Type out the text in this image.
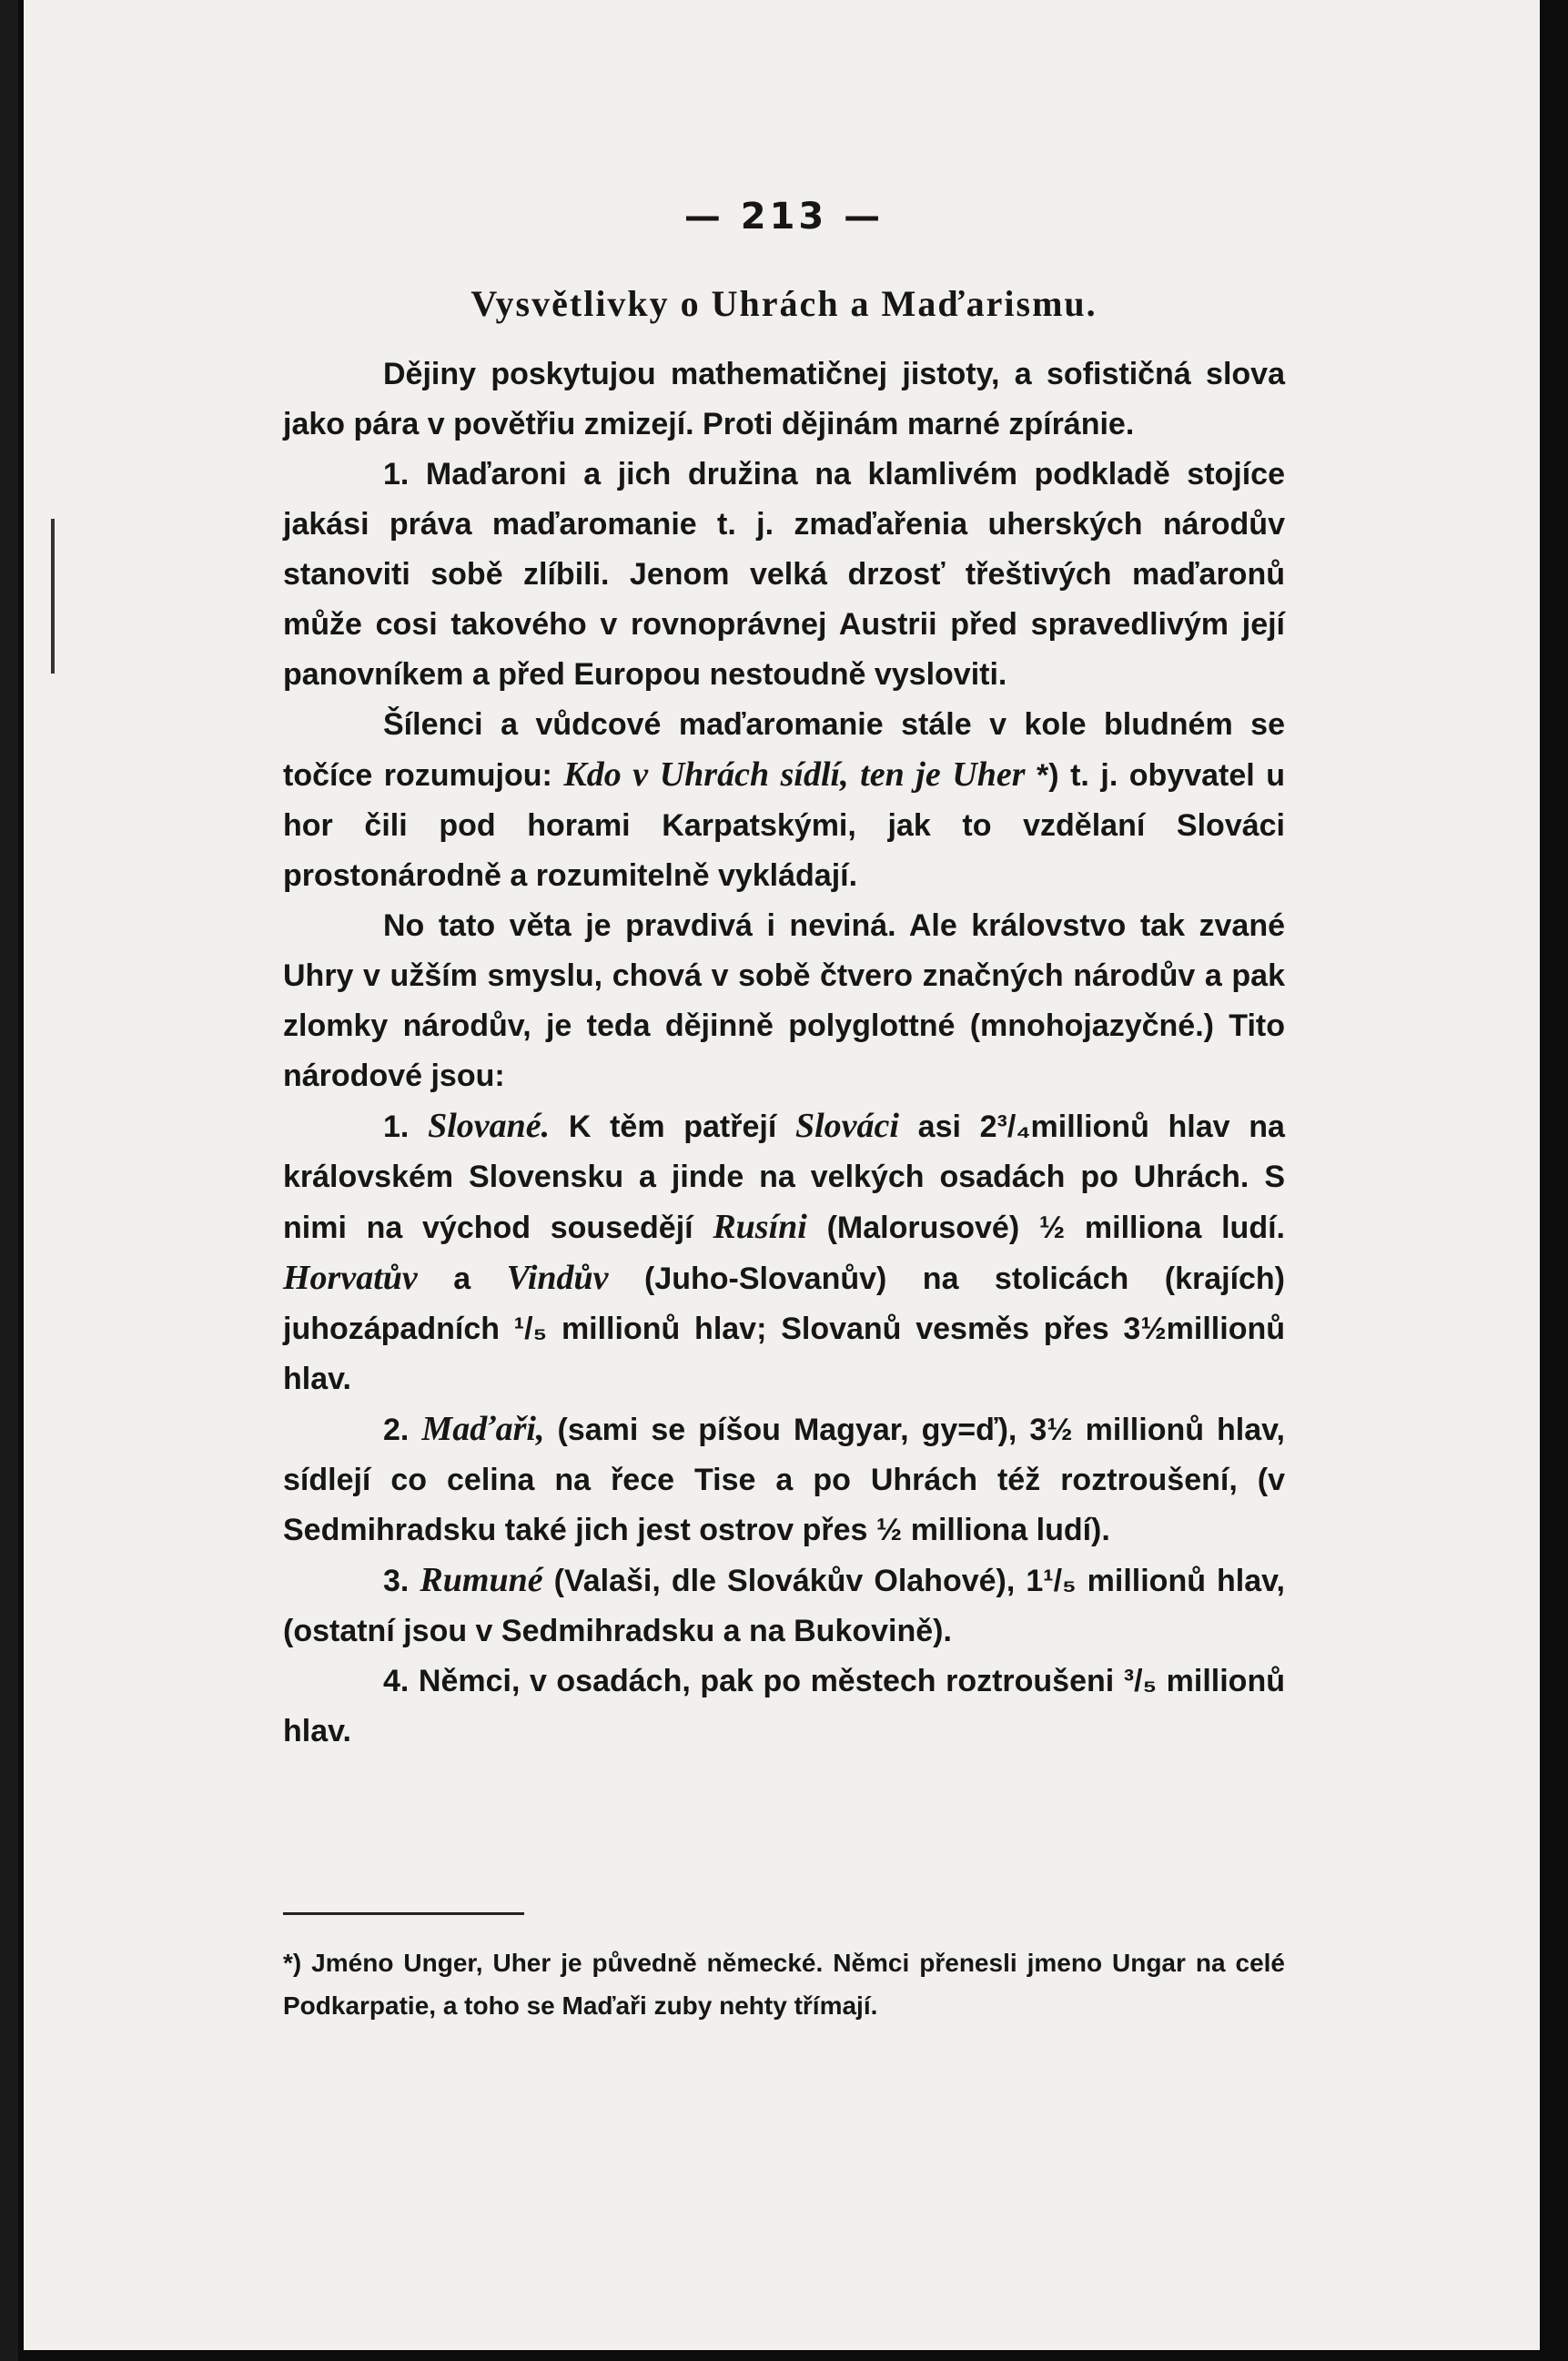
— 213 —
Vysvětlivky o Uhrách a Maďarismu.

Dějiny poskytujou mathematičnej jistoty, a sofističná slova jako pára v povětřiu zmizejí. Proti dějinám marné zpíránie.

1. Maďaroni a jich družina na klamlivém podkladě stojíce jakási práva maďaromanie t. j. zmaďařenia uherských národův stanoviti sobě zlíbili. Jenom velká drzosť třeštivých maďaronů může cosi takového v rovnoprávnej Austrii před spravedlivým její panovníkem a před Europou nestoudně vysloviti.

Šílenci a vůdcové maďaromanie stále v kole bludném se točíce rozumujou: Kdo v Uhrách sídlí, ten je Uher *) t. j. obyvatel u hor čili pod horami Karpatskými, jak to vzdělaní Slováci prostonárodně a rozumitelně vykládají.

No tato věta je pravdivá i neviná. Ale královstvo tak zvané Uhry v užším smyslu, chová v sobě čtvero značných národův a pak zlomky národův, je teda dějinně polyglottné (mnohojazyčné.) Tito národové jsou:

1. Slované. K těm patřejí Slováci asi 2³/₄millionů hlav na královském Slovensku a jinde na velkých osadách po Uhrách. S nimi na východ sousedějí Rusíni (Malorusové) ½ milliona ludí. Horvatův a Vindův (Juho-Slovanův) na stolicách (krajích) juhozápadních ¹/₅ millionů hlav; Slovanů vesměs přes 3½millionů hlav.

2. Maďaři, (sami se píšou Magyar, gy=ď), 3½ millionů hlav, sídlejí co celina na řece Tise a po Uhrách též roztroušení, (v Sedmihradsku také jich jest ostrov přes ½ milliona ludí).

3. Rumuné (Valaši, dle Slovákův Olahové), 1¹/₅ millionů hlav, (ostatní jsou v Sedmihradsku a na Bukovině).

4. Němci, v osadách, pak po městech roztroušeni ³/₅ millionů hlav.

*) Jméno Unger, Uher je půvedně německé. Němci přenesli jmeno Ungar na celé Podkarpatie, a toho se Maďaři zuby nehty třímají.
